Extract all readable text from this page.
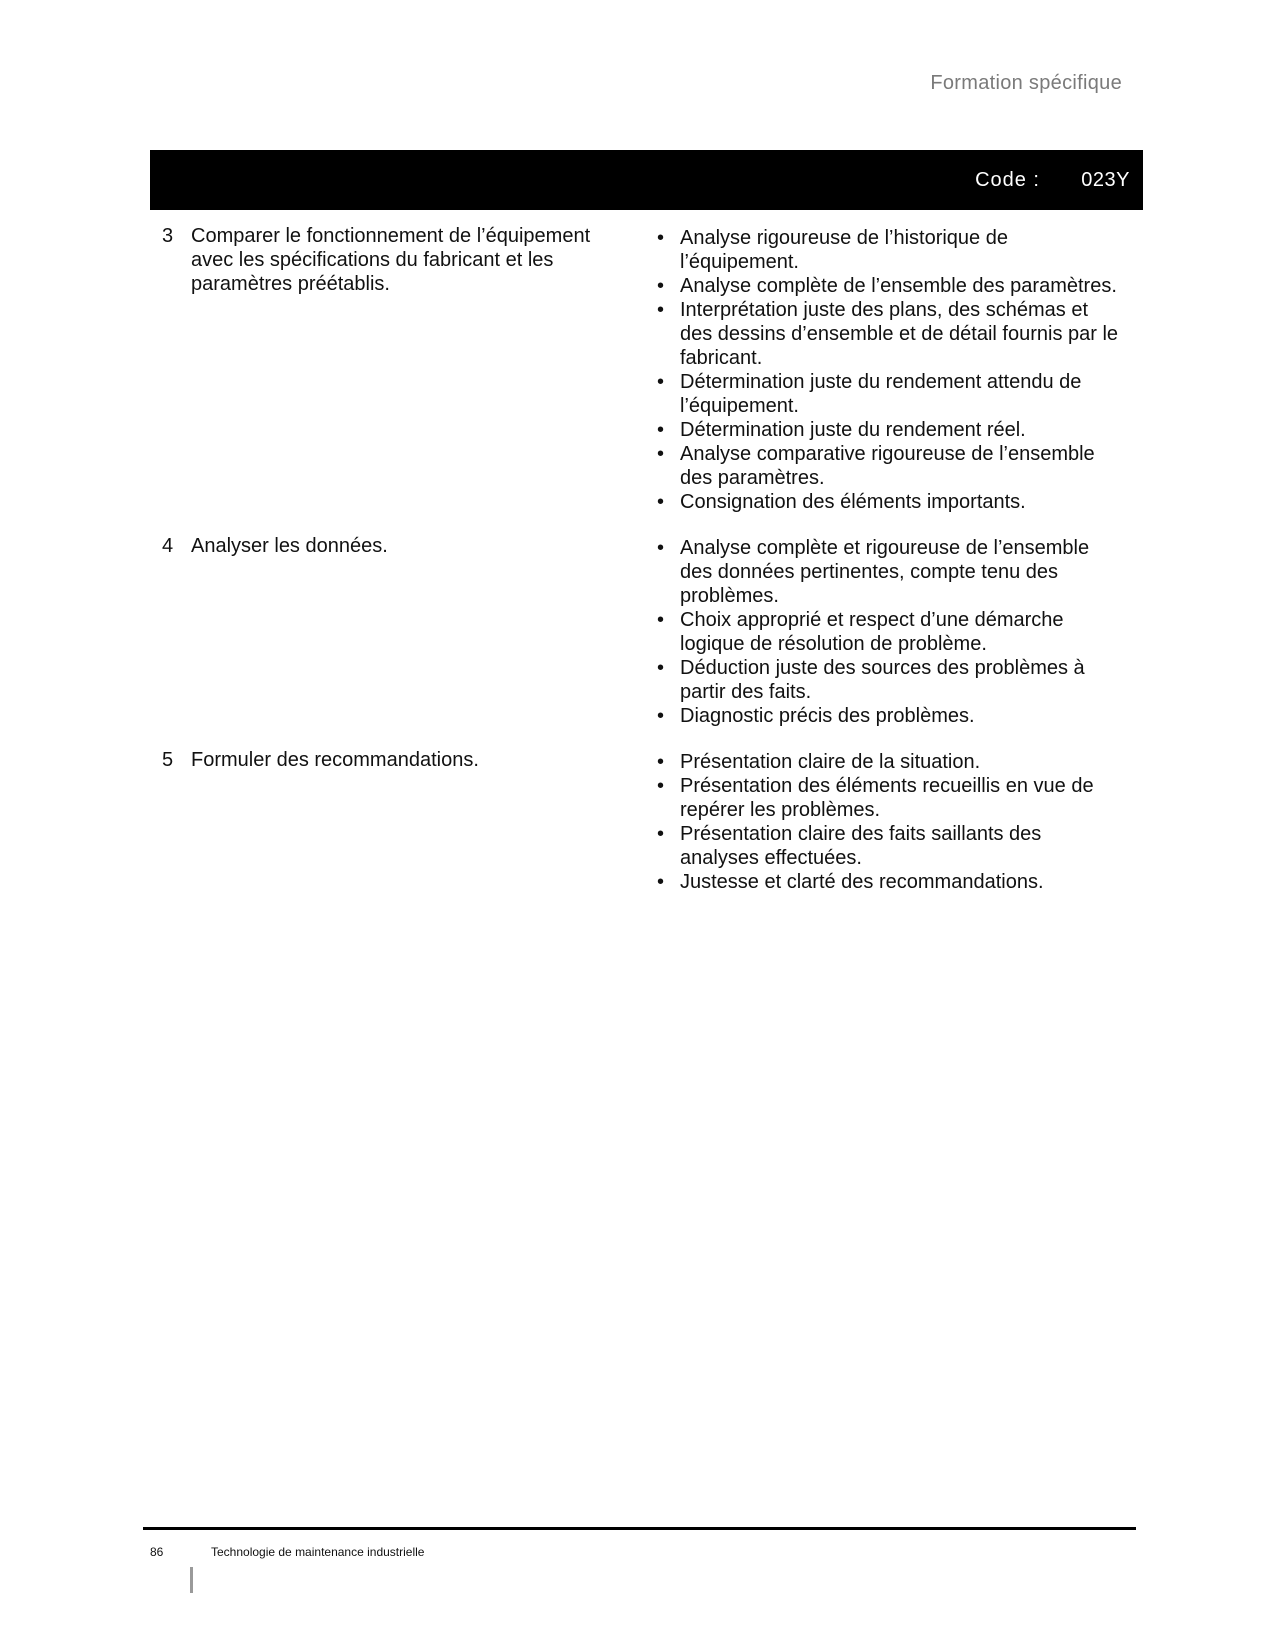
Formation spécifique
Code : 023Y
3 Comparer le fonctionnement de l’équipement avec les spécifications du fabricant et les paramètres préétablis.
• Analyse rigoureuse de l’historique de l’équipement.
• Analyse complète de l’ensemble des paramètres.
• Interprétation juste des plans, des schémas et des dessins d’ensemble et de détail fournis par le fabricant.
• Détermination juste du rendement attendu de l’équipement.
• Détermination juste du rendement réel.
• Analyse comparative rigoureuse de l’ensemble des paramètres.
• Consignation des éléments importants.
4 Analyser les données.	• Analyse complète et rigoureuse de l’ensemble des données pertinentes, compte tenu des problèmes.
• Choix approprié et respect d’une démarche logique de résolution de problème.
• Déduction juste des sources des problèmes à partir des faits.
• Diagnostic précis des problèmes.
5 Formuler des recommandations.	• Présentation claire de la situation.
• Présentation des éléments recueillis en vue de repérer les problèmes.
• Présentation claire des faits saillants des analyses effectuées.
• Justesse et clarté des recommandations.
86	Technologie de maintenance industrielle
